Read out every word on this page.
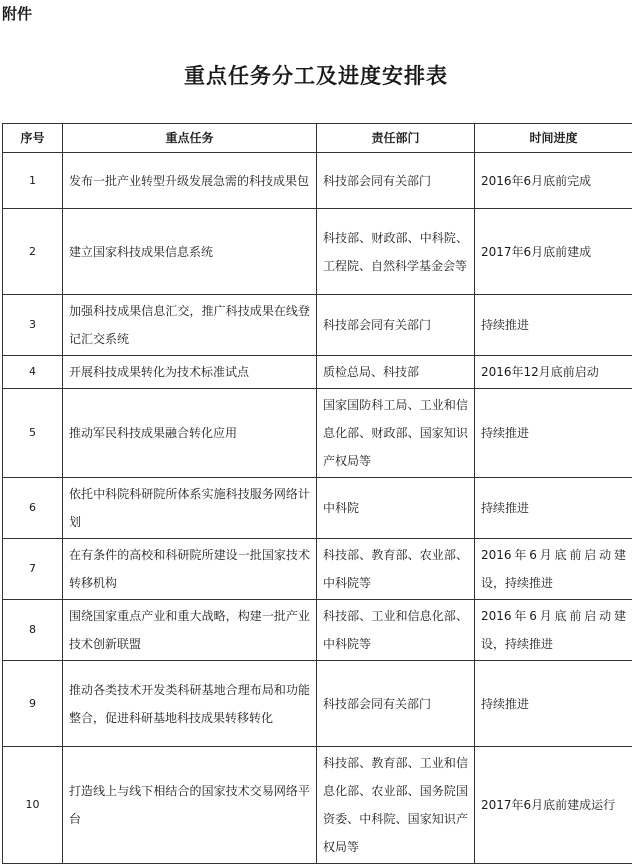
附件
重点任务分工及进度安排表
序号	重点任务	责任部门	时间进度
1	发布一批产业转型升级发展急需的科技成果包	科技部会同有关部门	2016年6月底前完成
2	建立国家科技成果信息系统	科技部、财政部、中科院、工程院、自然科学基金会等	2017年6月底前建成
3	加强科技成果信息汇交，推广科技成果在线登记汇交系统	科技部会同有关部门	持续推进
4	开展科技成果转化为技术标准试点	质检总局、科技部	2016年12月底前启动
5	推动军民科技成果融合转化应用	国家国防科工局、工业和信息化部、财政部、国家知识产权局等	持续推进
6	依托中科院科研院所体系实施科技服务网络计划	中科院	持续推进
7	在有条件的高校和科研院所建设一批国家技术转移机构	科技部、教育部、农业部、中科院等	2016年6月底前启动建设，持续推进
8	围绕国家重点产业和重大战略，构建一批产业技术创新联盟	科技部、工业和信息化部、中科院等	2016年6月底前启动建设，持续推进
9	推动各类技术开发类科研基地合理布局和功能整合，促进科研基地科技成果转移转化	科技部会同有关部门	持续推进
10	打造线上与线下相结合的国家技术交易网络平台	科技部、教育部、工业和信息化部、农业部、国务院国资委、中科院、国家知识产权局等	2017年6月底前建成运行
